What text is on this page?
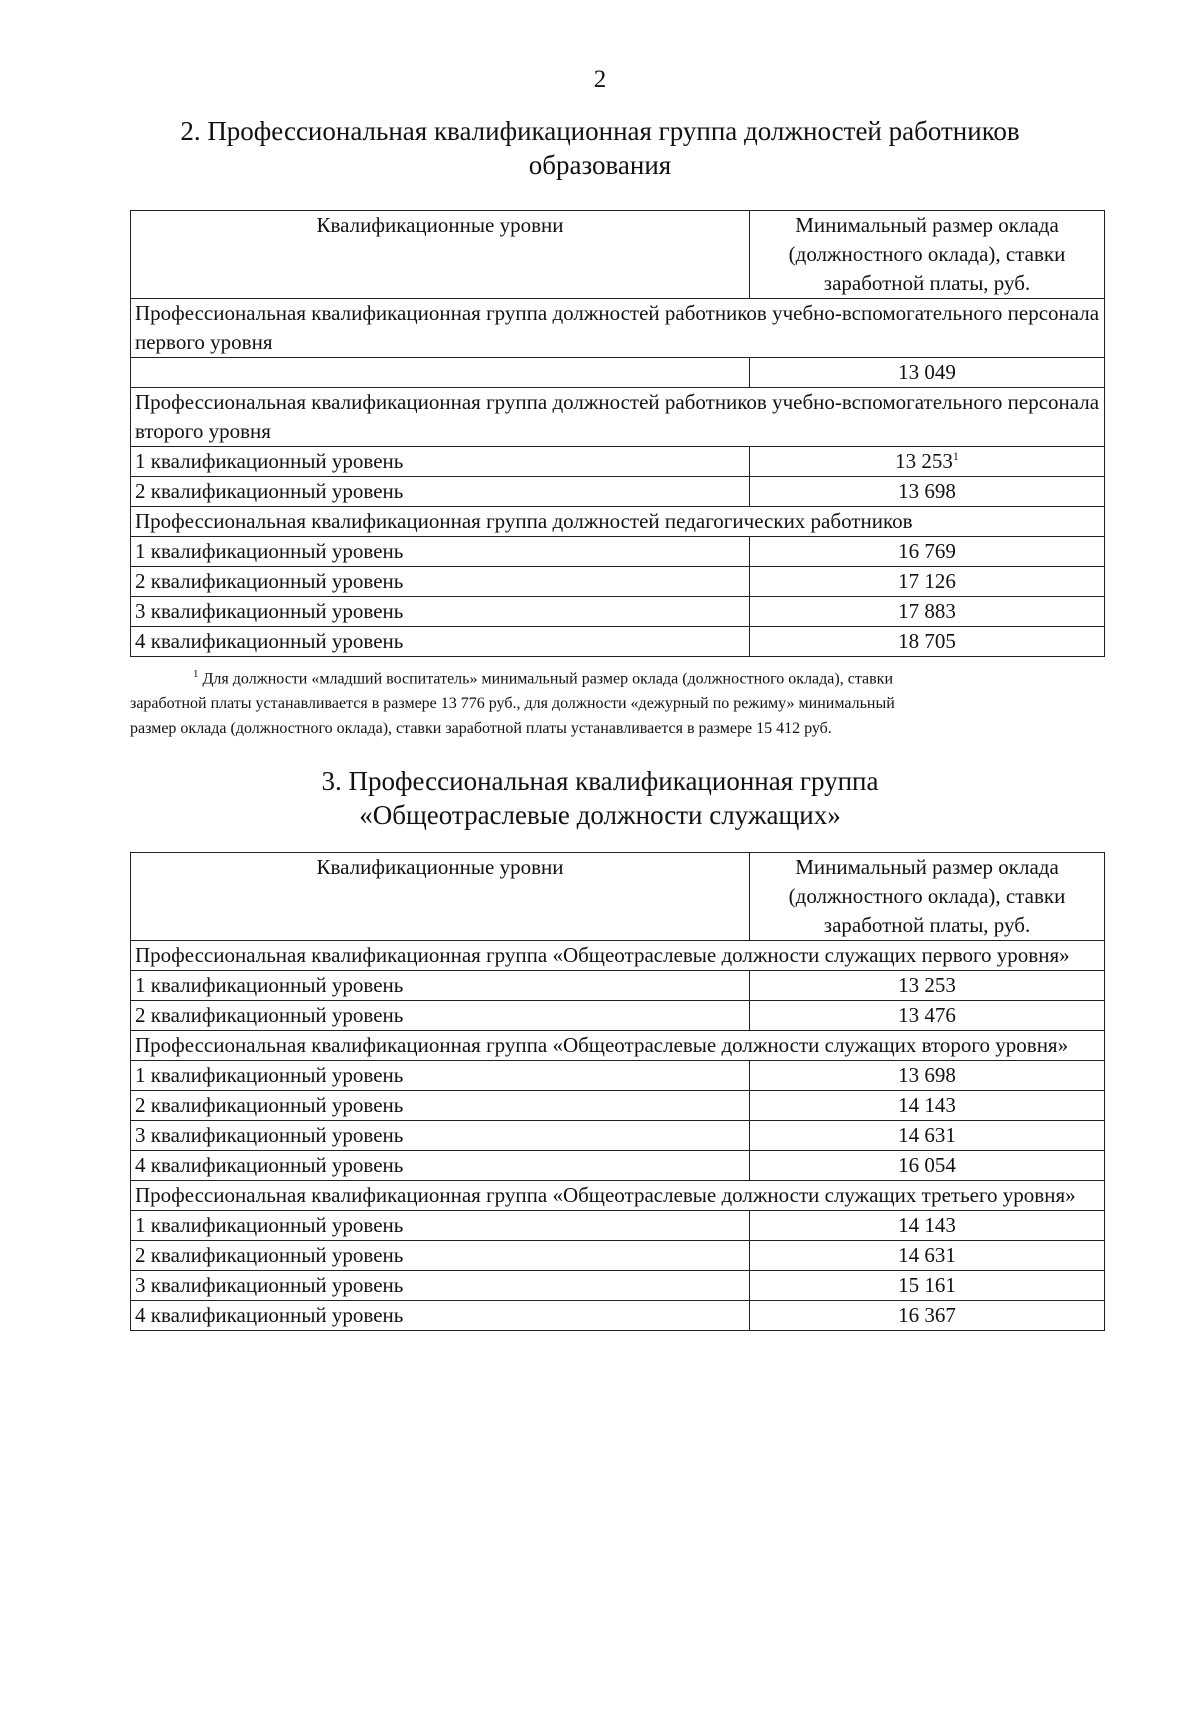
2
2. Профессиональная квалификационная группа должностей работников
образования
Квалификационные уровни	Минимальный размер оклада (должностного оклада), ставки заработной платы, руб.
Профессиональная квалификационная группа должностей работников учебно-вспомогательного персонала первого уровня	
	13 049
Профессиональная квалификационная группа должностей работников учебно-вспомогательного персонала второго уровня	
1 квалификационный уровень	13 253$^1$
2 квалификационный уровень	13 698
Профессиональная квалификационная группа должностей педагогических работников	
1 квалификационный уровень	16 769
2 квалификационный уровень	17 126
3 квалификационный уровень	17 883
4 квалификационный уровень	18 705
$^1$ Для должности «младший воспитатель» минимальный размер оклада (должностного оклада), ставки
заработной платы устанавливается в размере 13 776 руб., для должности «дежурный по режиму» минимальный
размер оклада (должностного оклада), ставки заработной платы устанавливается в размере 15 412 руб.
3. Профессиональная квалификационная группа
«Общеотраслевые должности служащих»
Квалификационные уровни	Минимальный размер оклада (должностного оклада), ставки заработной платы, руб.
Профессиональная квалификационная группа «Общеотраслевые должности служащих первого уровня»	
1 квалификационный уровень	13 253
2 квалификационный уровень	13 476
Профессиональная квалификационная группа «Общеотраслевые должности служащих второго уровня»	
1 квалификационный уровень	13 698
2 квалификационный уровень	14 143
3 квалификационный уровень	14 631
4 квалификационный уровень	16 054
Профессиональная квалификационная группа «Общеотраслевые должности служащих третьего уровня»	
1 квалификационный уровень	14 143
2 квалификационный уровень	14 631
3 квалификационный уровень	15 161
4 квалификационный уровень	16 367
